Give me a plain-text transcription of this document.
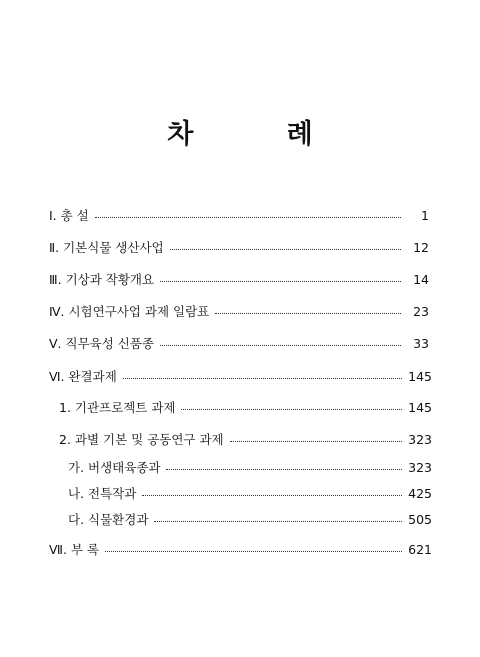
차 례
Ⅰ. 총 설	1
Ⅱ. 기본식물 생산사업	12
Ⅲ. 기상과 작황개요	14
Ⅳ. 시험연구사업 과제 일람표	23
Ⅴ. 직무육성 신품종	33
Ⅵ. 완결과제	145
1. 기관프로젝트 과제	145
2. 과별 기본 및 공동연구 과제	323
가. 버생태육종과	323
나. 전특작과	425
다. 식물환경과	505
Ⅶ. 부 록	621
